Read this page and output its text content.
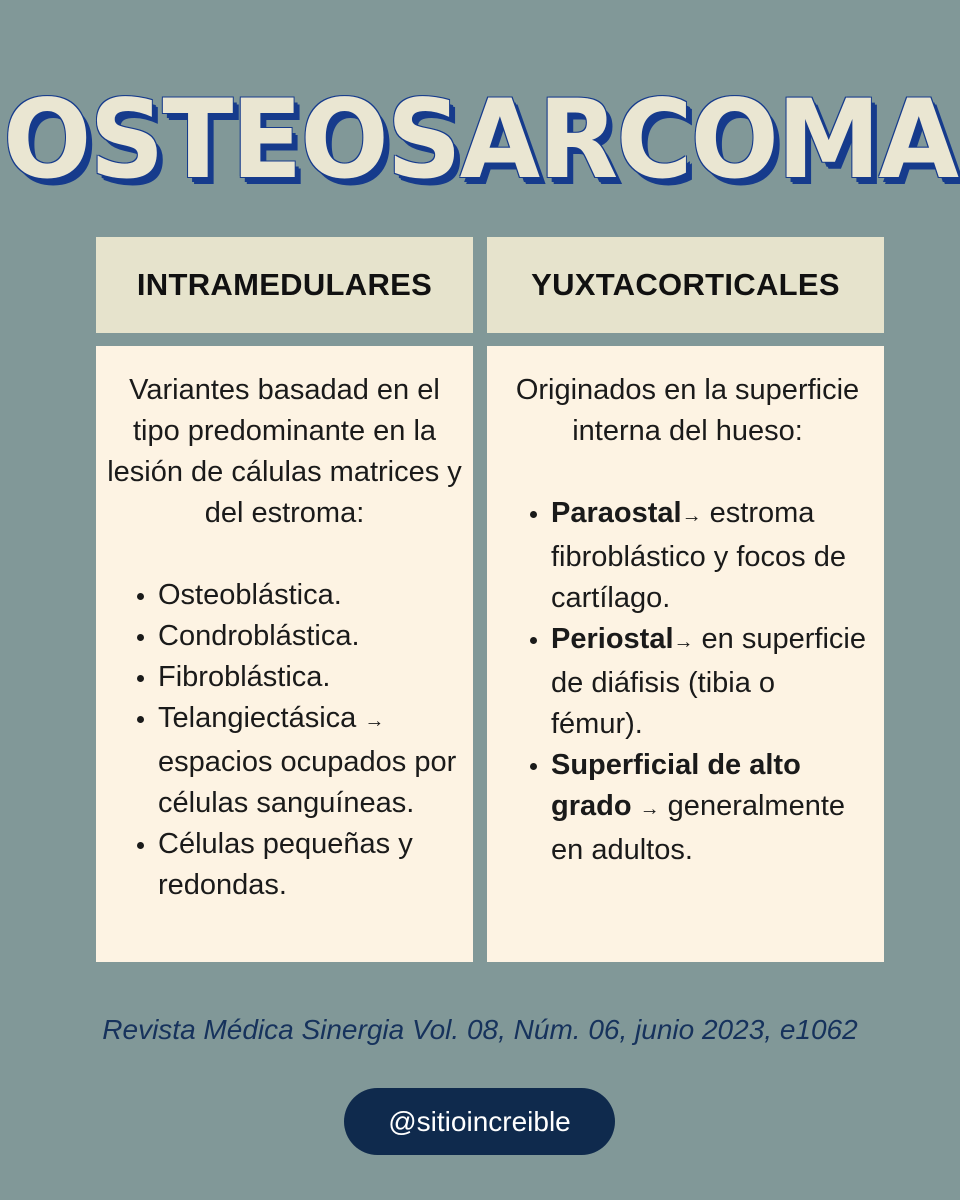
OSTEOSARCOMA
INTRAMEDULARES	YUXTACORTICALES

Variantes basadad en el tipo predominante en la lesión de cálulas matrices y del estroma:

• Osteoblástica.
• Condroblástica.
• Fibroblástica.
• Telangiectásica → espacios ocupados por células sanguíneas.
• Células pequeñas y redondas.

Originados en la superficie interna del hueso:

• Paraostal→ estroma fibroblástico y focos de cartílago.
• Periostal→ en superficie de diáfisis (tibia o fémur).
• Superficial de alto grado → generalmente en adultos.
Revista Médica Sinergia Vol. 08, Núm. 06, junio 2023, e1062
@sitioincreible
